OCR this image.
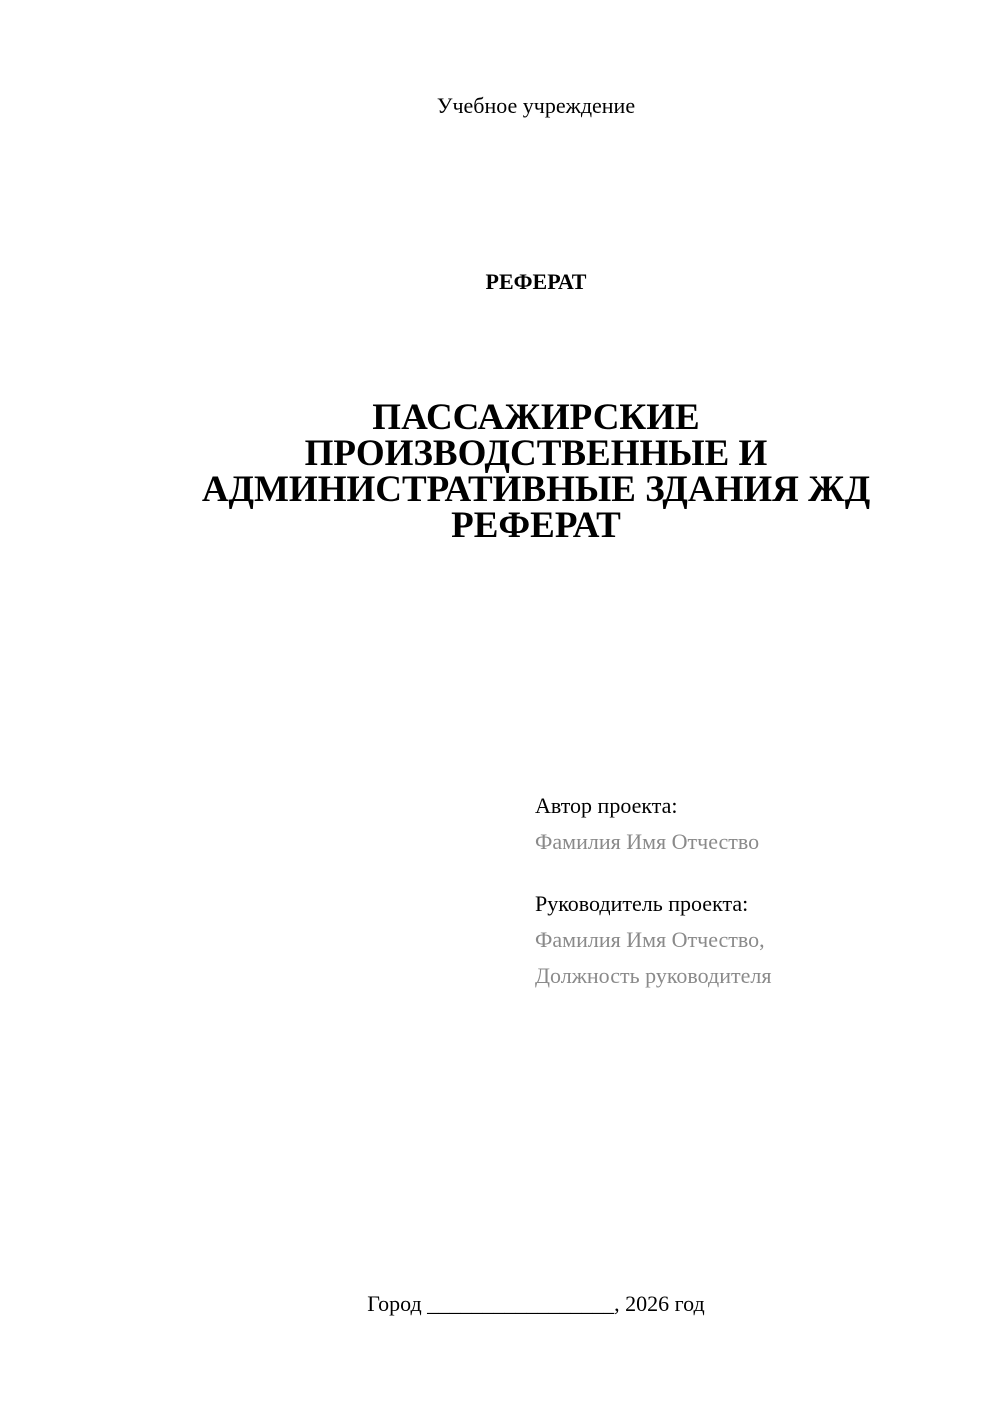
Учебное учреждение
РЕФЕРАТ
ПАССАЖИРСКИЕ
ПРОИЗВОДСТВЕННЫЕ И
АДМИНИСТРАТИВНЫЕ ЗДАНИЯ ЖД
РЕФЕРАТ
Автор проекта:
Фамилия Имя Отчество
Руководитель проекта:
Фамилия Имя Отчество,
Должность руководителя
Город _________________, 2026 год
